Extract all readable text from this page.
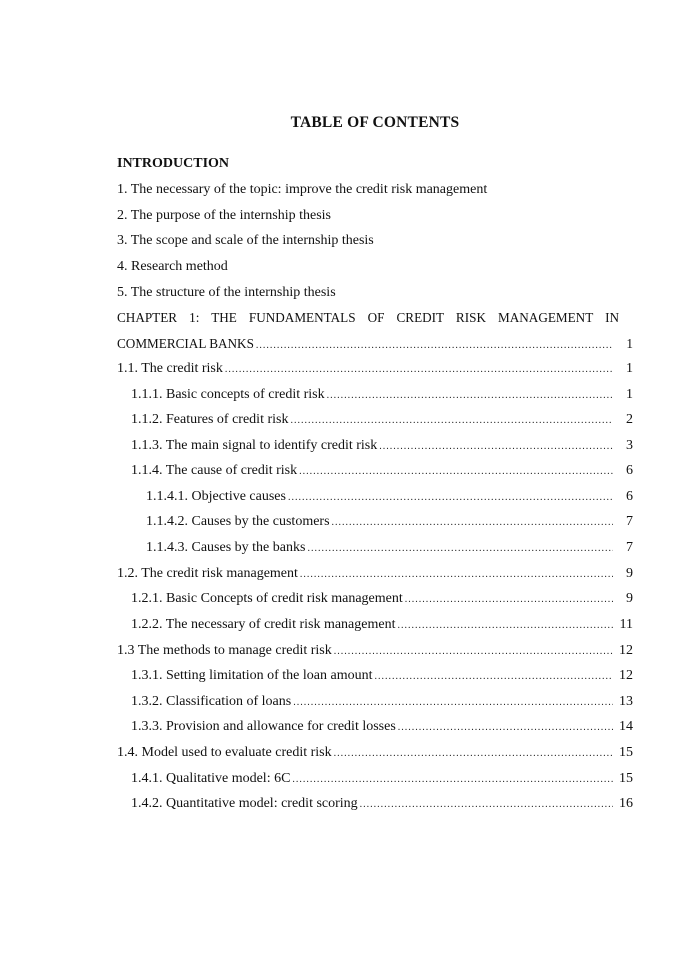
TABLE OF CONTENTS
INTRODUCTION
1. The necessary of the topic: improve the credit risk management
2. The purpose of the internship thesis
3. The scope and scale of the internship thesis
4. Research method
5. The structure of the internship thesis
CHAPTER 1: THE FUNDAMENTALS OF CREDIT RISK MANAGEMENT IN
COMMERCIAL BANKS .....	1
1.1. The credit risk .....	1
1.1.1. Basic concepts of credit risk .....	1
1.1.2. Features of credit risk .....	2
1.1.3. The main signal to identify credit risk .....	3
1.1.4. The cause of credit risk .....	6
1.1.4.1. Objective causes .....	6
1.1.4.2. Causes by the customers .....	7
1.1.4.3. Causes by the banks .....	7
1.2. The credit risk management .....	9
1.2.1. Basic Concepts of credit risk management .....	9
1.2.2. The necessary of credit risk management .....	11
1.3 The methods to manage credit risk .....	12
1.3.1. Setting limitation of the loan amount .....	12
1.3.2. Classification of loans .....	13
1.3.3. Provision and allowance for credit losses .....	14
1.4. Model used to evaluate credit risk .....	15
1.4.1. Qualitative model: 6C .....	15
1.4.2. Quantitative model: credit scoring .....	16
